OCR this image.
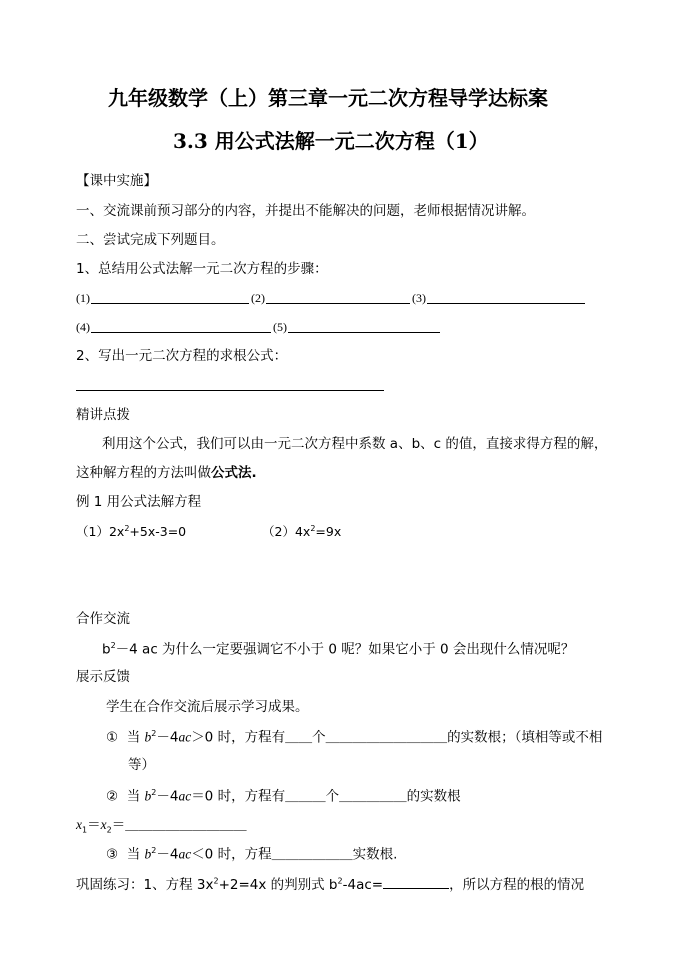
九年级数学（上）第三章一元二次方程导学达标案
3.3 用公式法解一元二次方程（1）
【课中实施】
一、交流课前预习部分的内容，并提出不能解决的问题，老师根据情况讲解。
二、尝试完成下列题目。
1、总结用公式法解一元二次方程的步骤：
(1)	(2)	(3)
(4)	(5)
2、写出一元二次方程的求根公式：
精讲点拨
利用这个公式，我们可以由一元二次方程中系数 a、b、c 的值，直接求得方程的解，
这种解方程的方法叫做公式法.
例 1 用公式法解方程
$(1)2x^2+5x-3=0$	$(2)4x^2=9x$
合作交流
$b^2-4$ ac 为什么一定要强调它不小于 0 呢？如果它小于 0 会出现什么情况呢？
展示反馈
学生在合作交流后展示学习成果。
① 当 $b^2-4ac>0$ 时，方程有＿＿个＿＿＿＿＿＿＿＿＿的实数根；（填相等或不相
等）
② 当 $b^2-4ac=0$ 时，方程有＿＿＿个＿＿＿＿＿的实数根
$x_1=x_2=\_\_\_\_\_\_\_\_\_$
③ 当 $b^2-4ac<0$ 时，方程＿＿＿＿＿＿实数根.
巩固练习：1、方程 $3x^2+2=4x$ 的判别式 $b^2-4ac=$	，所以方程的根的情况
